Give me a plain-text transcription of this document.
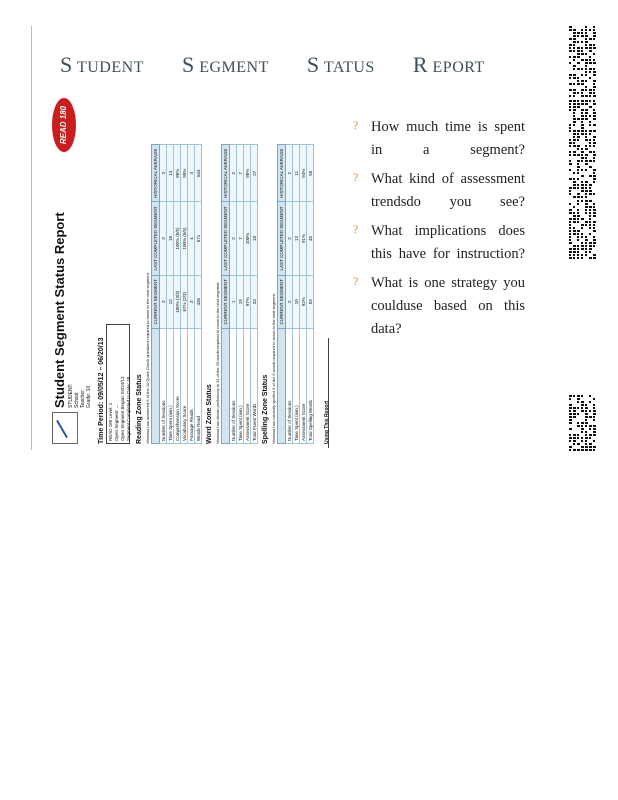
S TUDENT S EGMENT S TATUS R EPORT
Student Segment Status Report STUDENT: School: Teacher: Grade: 10
READ 180
Time Period: 09/05/12 – 06/20/13 READ 180 Level: 1 Open Segment: ... Open Segment Began: 03/24/13 Segment Completed to Date: 28 Reading Zone Status Vanessa has answered 6 of the 10 Quick Check questions required to move to the next segment.
	CURRENT SEGMENT	LAST COMPLETED SEGMENT	HISTORICAL AVERAGE
Number of Sessions	3	3	3
Time Spent (min.)	12	18	14
Comprehension Score	100% (3/3)	100% (5/5)	86%
Vocabulary Score	67% (2/3)	100% (5/5)	90%
Passage Reads	3	4	4
Words Read	436	571	564
Word Zone Status Vanessa has shown proficiency in 33 of the 33 words required to move to the next segment.
	CURRENT SEGMENT	LAST COMPLETED SEGMENT	HISTORICAL AVERAGE
Number of Sessions	1	2	2
Time Spent (min.)	19	7	7
Assessment Score	97%	100%	98%
Total Fluent Words	33	18	27
Spelling Zone Status Vanessa has correctly spelled 3 of the 6 words required to move to the next segment.
	CURRENT SEGMENT	LAST COMPLETED SEGMENT	HISTORICAL AVERAGE
Number of Sessions	2	2	2
Time Spent (min.)	10	13	11
Assessment Score	92%	91%	94%
Total Spelling Words	59	45	50
Using This Report
? How much time is spent in a segment?
? What kind of assessment trendsdo you see?
? What implications does this have for instruction?
? What is one strategy you coulduse based on this data?
